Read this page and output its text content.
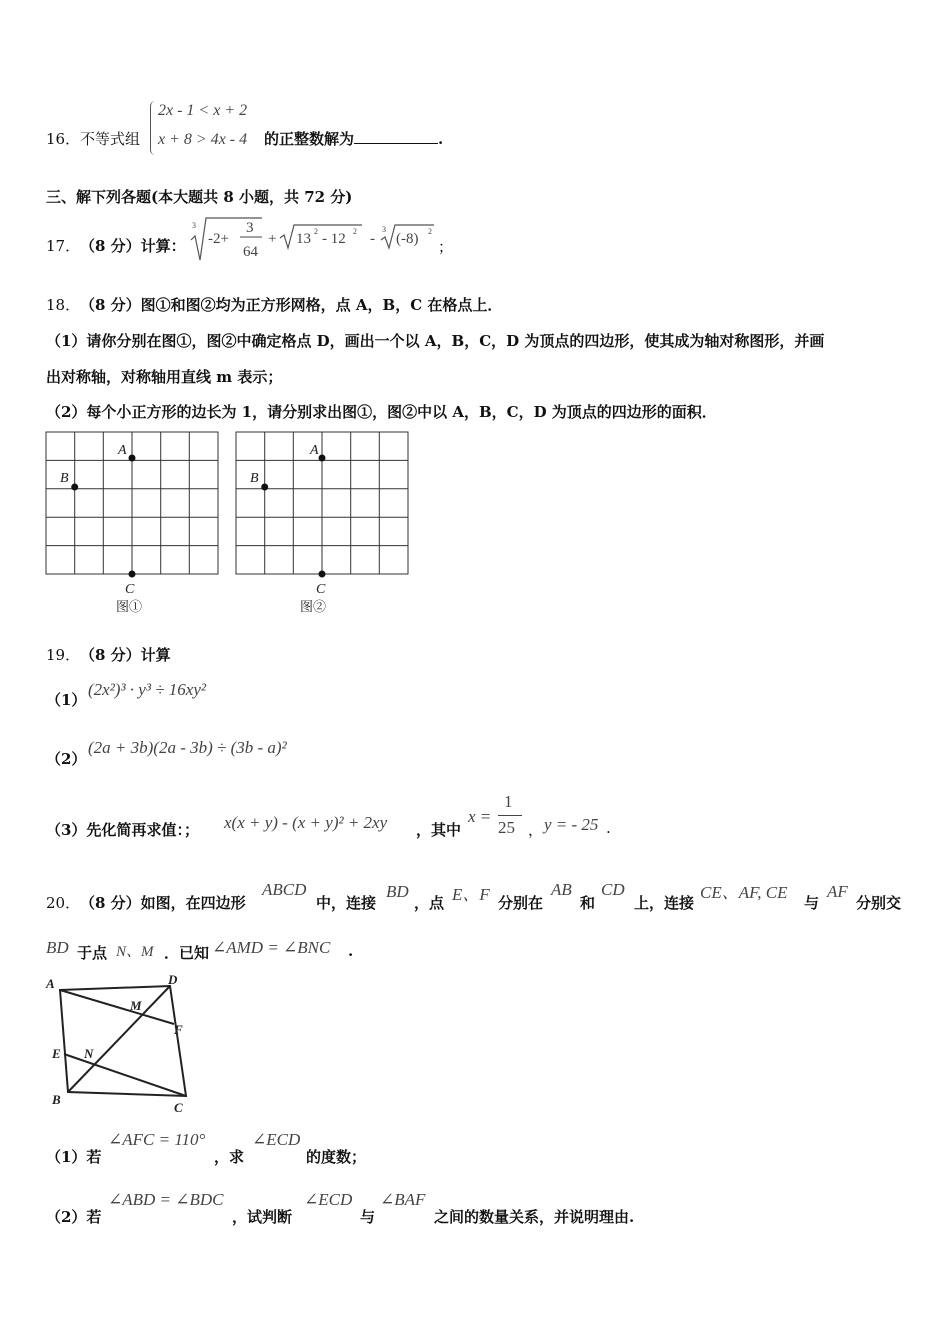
16． 不等式组
2x - 1 < x + 2
x + 8 > 4x - 4 的正整数解为	.
三、解下列各题(本大题共 8 小题，共 72 分)
17． （8 分）计算：
3
-2+
3
64
+ 13 2 - 12 2 -
3
(-8) 2
；
18． （8 分）图①和图②均为正方形网格，点 A，B，C 在格点上．
（1）请你分别在图①，图②中确定格点 D，画出一个以 A，B，C，D 为顶点的四边形，使其成为轴对称图形，并画
出对称轴，对称轴用直线 m 表示；
（2）每个小正方形的边长为 1，请分别求出图①，图②中以 A，B，C，D 为顶点的四边形的面积．
A
B
C
图①
A
B
C
图②
19． （8 分）计算
（1）
(2x²)³ · y³ ÷ 16xy²
（2）
(2a + 3b)(2a - 3b) ÷ (3b - a)²
（3）先化简再求值：； x(x + y) - (x + y)² + 2xy ，其中
x =
1
25 ， y = - 25 .
20． （8 分）如图，在四边形
ABCD
中，连接
BD
，点 E、F 分别在
AB
和
CD
上，连接
CE、AF, CE
与
AF
分别交
BD 于点 N、M ．已知 ∠AMD = ∠BNC .
A	D
M
F
E N
B
C
（1）若
∠AFC = 110°
，求
∠ECD
的度数；
（2）若
∠ABD = ∠BDC
，试判断
∠ECD
与
∠BAF
之间的数量关系，并说明理由.
